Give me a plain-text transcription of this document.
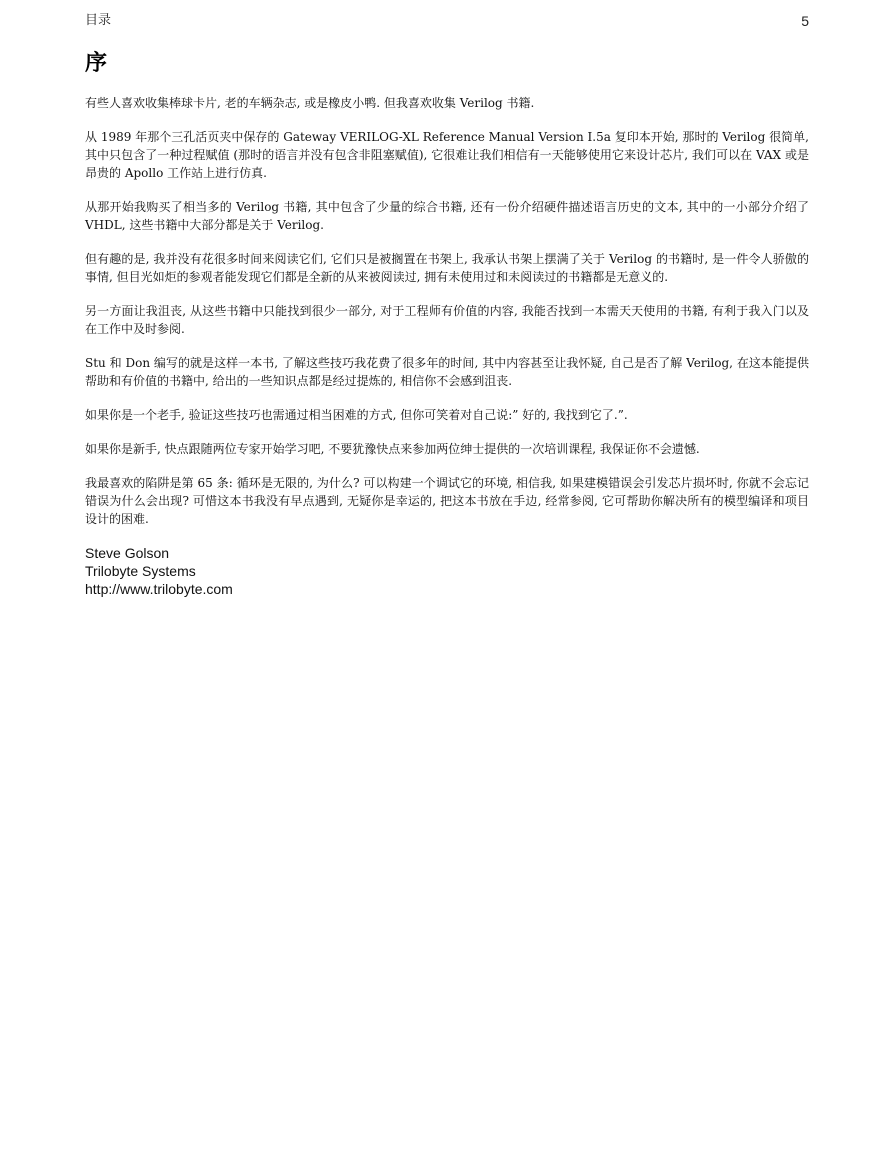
目录	5
序

有些人喜欢收集棒球卡片, 老的车辆杂志, 或是橡皮小鸭. 但我喜欢收集 Verilog 书籍.

从 1989 年那个三孔活页夹中保存的 Gateway VERILOG-XL Reference Manual Version I.5a 复印本开始, 那时的 Verilog 很简单, 其中只包含了一种过程赋值 (那时的语言并没有包含非阻塞赋值), 它很难让我们相信有一天能够使用它来设计芯片, 我们可以在 VAX 或是昂贵的 Apollo 工作站上进行仿真.

从那开始我购买了相当多的 Verilog 书籍, 其中包含了少量的综合书籍, 还有一份介绍硬件描述语言历史的文本, 其中的一小部分介绍了 VHDL, 这些书籍中大部分都是关于 Verilog.

但有趣的是, 我并没有花很多时间来阅读它们, 它们只是被搁置在书架上, 我承认书架上摆满了关于 Verilog 的书籍时, 是一件令人骄傲的事情, 但目光如炬的参观者能发现它们都是全新的从来被阅读过, 拥有未使用过和未阅读过的书籍都是无意义的.

另一方面让我沮丧, 从这些书籍中只能找到很少一部分, 对于工程师有价值的内容, 我能否找到一本需天天使用的书籍, 有利于我入门以及在工作中及时参阅.

Stu 和 Don 编写的就是这样一本书, 了解这些技巧我花费了很多年的时间, 其中内容甚至让我怀疑, 自己是否了解 Verilog, 在这本能提供帮助和有价值的书籍中, 给出的一些知识点都是经过提炼的, 相信你不会感到沮丧.

如果你是一个老手, 验证这些技巧也需通过相当困难的方式, 但你可笑着对自己说:” 好的, 我找到它了.”.

如果你是新手, 快点跟随两位专家开始学习吧, 不要犹豫快点来参加两位绅士提供的一次培训课程, 我保证你不会遗憾.

我最喜欢的陷阱是第 65 条: 循环是无限的, 为什么? 可以构建一个调试它的环境, 相信我, 如果建模错误会引发芯片损坏时, 你就不会忘记错误为什么会出现? 可惜这本书我没有早点遇到, 无疑你是幸运的, 把这本书放在手边, 经常参阅, 它可帮助你解决所有的模型编译和项目设计的困难.

Steve Golson
Trilobyte Systems
http://www.trilobyte.com
